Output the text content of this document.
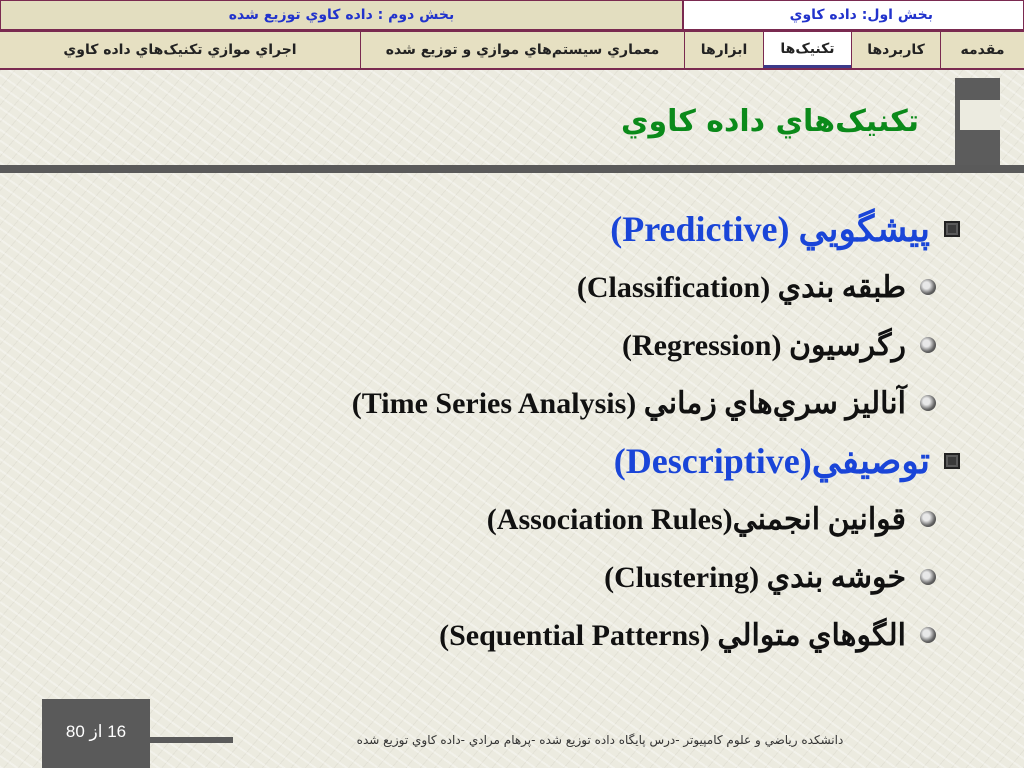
بخش دوم : داده کاوي توزيع شده	بخش اول: داده کاوي
اجراي موازي تکنيک‌هاي داده کاوي	معماري سيستم‌هاي موازي و توزيع شده	ابزارها	تکنيک‌ها	کاربردها	مقدمه
تکنيک‌هاي داده کاوي
پيشگويي (Predictive)
طبقه بندي (Classification)
رگرسيون (Regression)
آناليز سري‌هاي زماني (Time Series Analysis)
توصيفي(Descriptive)
قوانين انجمني(Association Rules)
خوشه بندي (Clustering)
الگوهاي متوالي (Sequential Patterns)
16 از 80	دانشکده رياضي و علوم کامپيوتر -درس پايگاه داده توزيع شده -پرهام مرادي -داده کاوي توزيع شده
